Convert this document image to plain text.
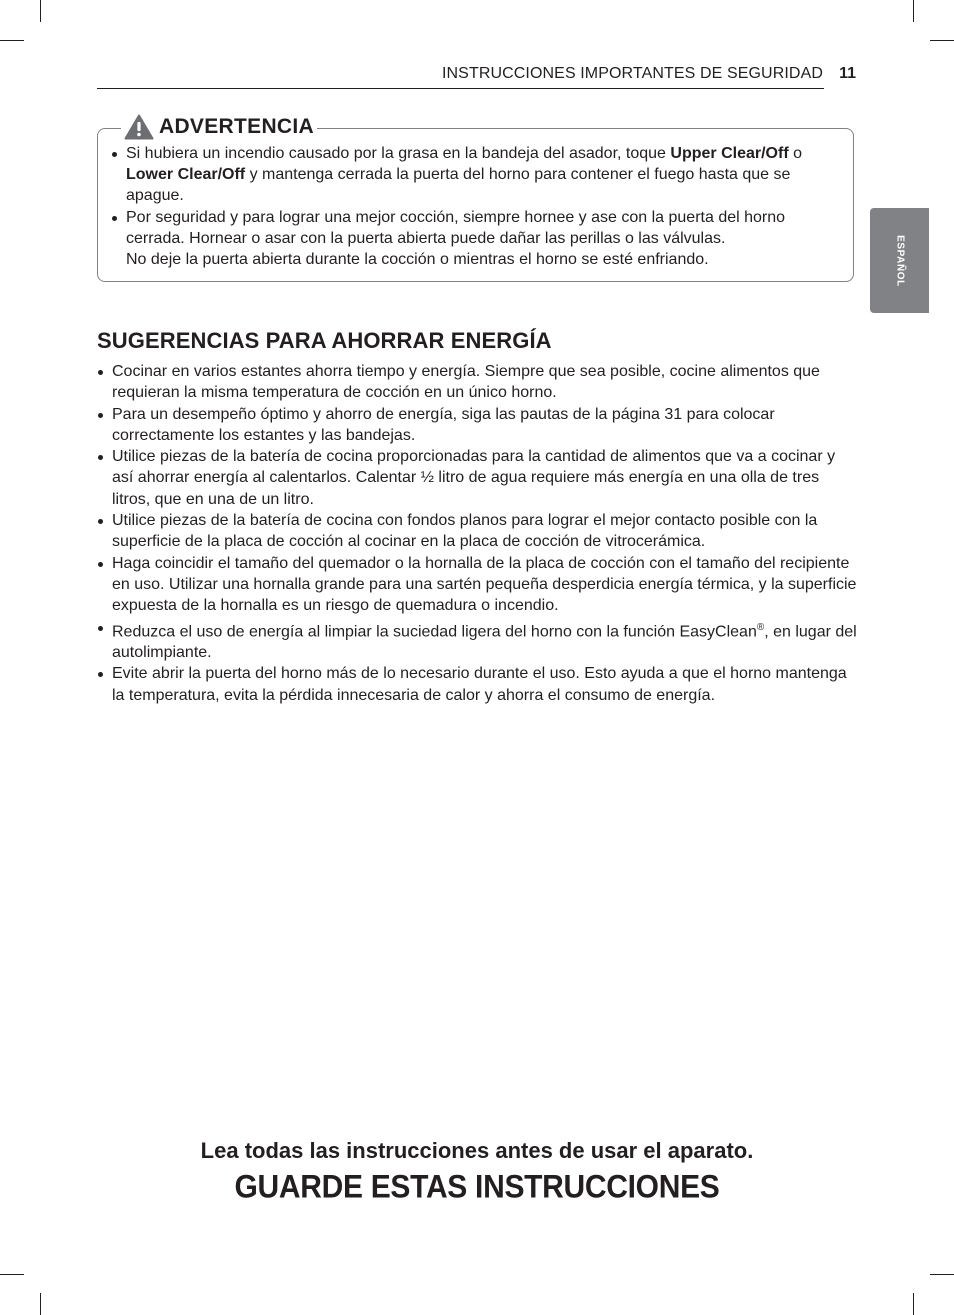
INSTRUCCIONES IMPORTANTES DE SEGURIDAD 11
ESPAÑOL
ADVERTENCIA
Si hubiera un incendio causado por la grasa en la bandeja del asador, toque Upper Clear/Off o Lower Clear/Off y mantenga cerrada la puerta del horno para contener el fuego hasta que se apague.
Por seguridad y para lograr una mejor cocción, siempre hornee y ase con la puerta del horno cerrada. Hornear o asar con la puerta abierta puede dañar las perillas o las válvulas.
No deje la puerta abierta durante la cocción o mientras el horno se esté enfriando.
SUGERENCIAS PARA AHORRAR ENERGÍA
Cocinar en varios estantes ahorra tiempo y energía. Siempre que sea posible, cocine alimentos que requieran la misma temperatura de cocción en un único horno.
Para un desempeño óptimo y ahorro de energía, siga las pautas de la página 31 para colocar correctamente los estantes y las bandejas.
Utilice piezas de la batería de cocina proporcionadas para la cantidad de alimentos que va a cocinar y así ahorrar energía al calentarlos. Calentar ½ litro de agua requiere más energía en una olla de tres litros, que en una de un litro.
Utilice piezas de la batería de cocina con fondos planos para lograr el mejor contacto posible con la superficie de la placa de cocción al cocinar en la placa de cocción de vitrocerámica.
Haga coincidir el tamaño del quemador o la hornalla de la placa de cocción con el tamaño del recipiente en uso. Utilizar una hornalla grande para una sartén pequeña desperdicia energía térmica, y la superficie expuesta de la hornalla es un riesgo de quemadura o incendio.
Reduzca el uso de energía al limpiar la suciedad ligera del horno con la función EasyClean®, en lugar del autolimpiante.
Evite abrir la puerta del horno más de lo necesario durante el uso. Esto ayuda a que el horno mantenga la temperatura, evita la pérdida innecesaria de calor y ahorra el consumo de energía.
Lea todas las instrucciones antes de usar el aparato.
GUARDE ESTAS INSTRUCCIONES
